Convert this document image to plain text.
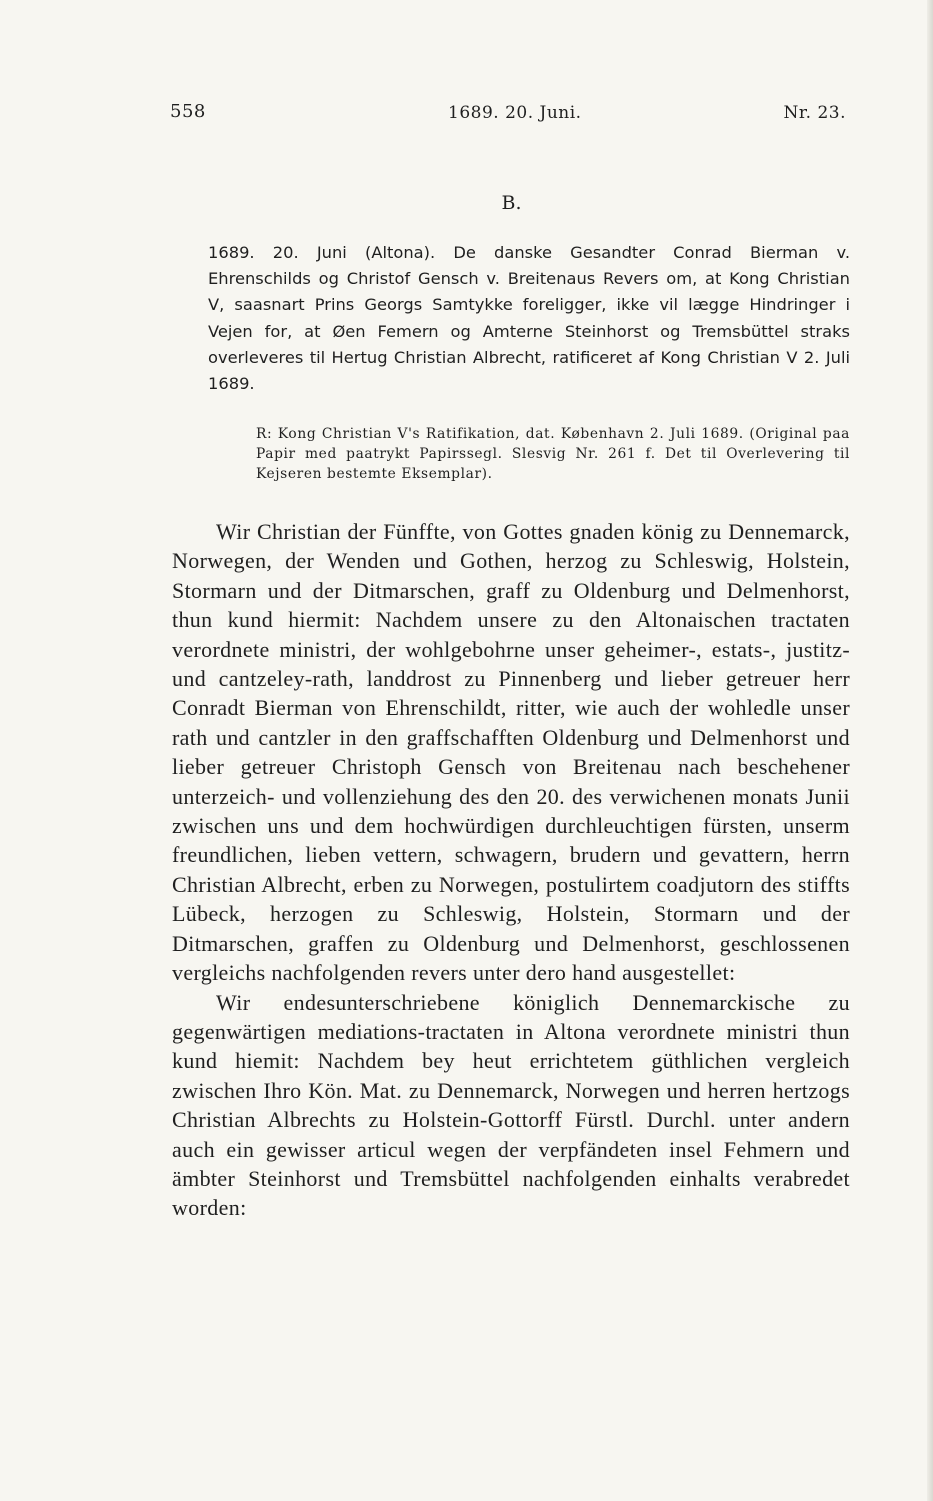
558	1689. 20. Juni.	Nr. 23.
B.

1689. 20. Juni (Altona). De danske Gesandter Conrad Bierman v. Ehrenschilds og Christof Gensch v. Breitenaus Revers om, at Kong Christian V, saasnart Prins Georgs Samtykke foreligger, ikke vil lægge Hindringer i Vejen for, at Øen Femern og Amterne Steinhorst og Tremsbüttel straks overleveres til Hertug Christian Albrecht, ratificeret af Kong Christian V 2. Juli 1689.

R: Kong Christian V's Ratifikation, dat. København 2. Juli 1689. (Original paa Papir med paatrykt Papirssegl. Slesvig Nr. 261 f. Det til Overlevering til Kejseren bestemte Eksemplar).

Wir Christian der Fünffte, von Gottes gnaden könig zu Dennemarck, Norwegen, der Wenden und Gothen, herzog zu Schleswig, Holstein, Stormarn und der Ditmarschen, graff zu Oldenburg und Delmenhorst, thun kund hiermit: Nachdem unsere zu den Altonaischen tractaten verordnete ministri, der wohlgebohrne unser geheimer-, estats-, justitz- und cantzeley-rath, landdrost zu Pinnenberg und lieber getreuer herr Conradt Bierman von Ehrenschildt, ritter, wie auch der wohledle unser rath und cantzler in den graffschafften Oldenburg und Delmenhorst und lieber getreuer Christoph Gensch von Breitenau nach beschehener unterzeich- und vollenziehung des den 20. des verwichenen monats Junii zwischen uns und dem hochwürdigen durchleuchtigen fürsten, unserm freundlichen, lieben vettern, schwagern, brudern und gevattern, herrn Christian Albrecht, erben zu Norwegen, postulirtem coadjutorn des stiffts Lübeck, herzogen zu Schleswig, Holstein, Stormarn und der Ditmarschen, graffen zu Oldenburg und Delmenhorst, geschlossenen vergleichs nachfolgenden revers unter dero hand ausgestellet:

Wir endesunterschriebene königlich Dennemarckische zu gegenwärtigen mediations-tractaten in Altona verordnete ministri thun kund hiemit: Nachdem bey heut errichtetem güthlichen vergleich zwischen Ihro Kön. Mat. zu Dennemarck, Norwegen und herren hertzogs Christian Albrechts zu Holstein-Gottorff Fürstl. Durchl. unter andern auch ein gewisser articul wegen der verpfändeten insel Fehmern und ämbter Steinhorst und Tremsbüttel nachfolgenden einhalts verabredet worden:
